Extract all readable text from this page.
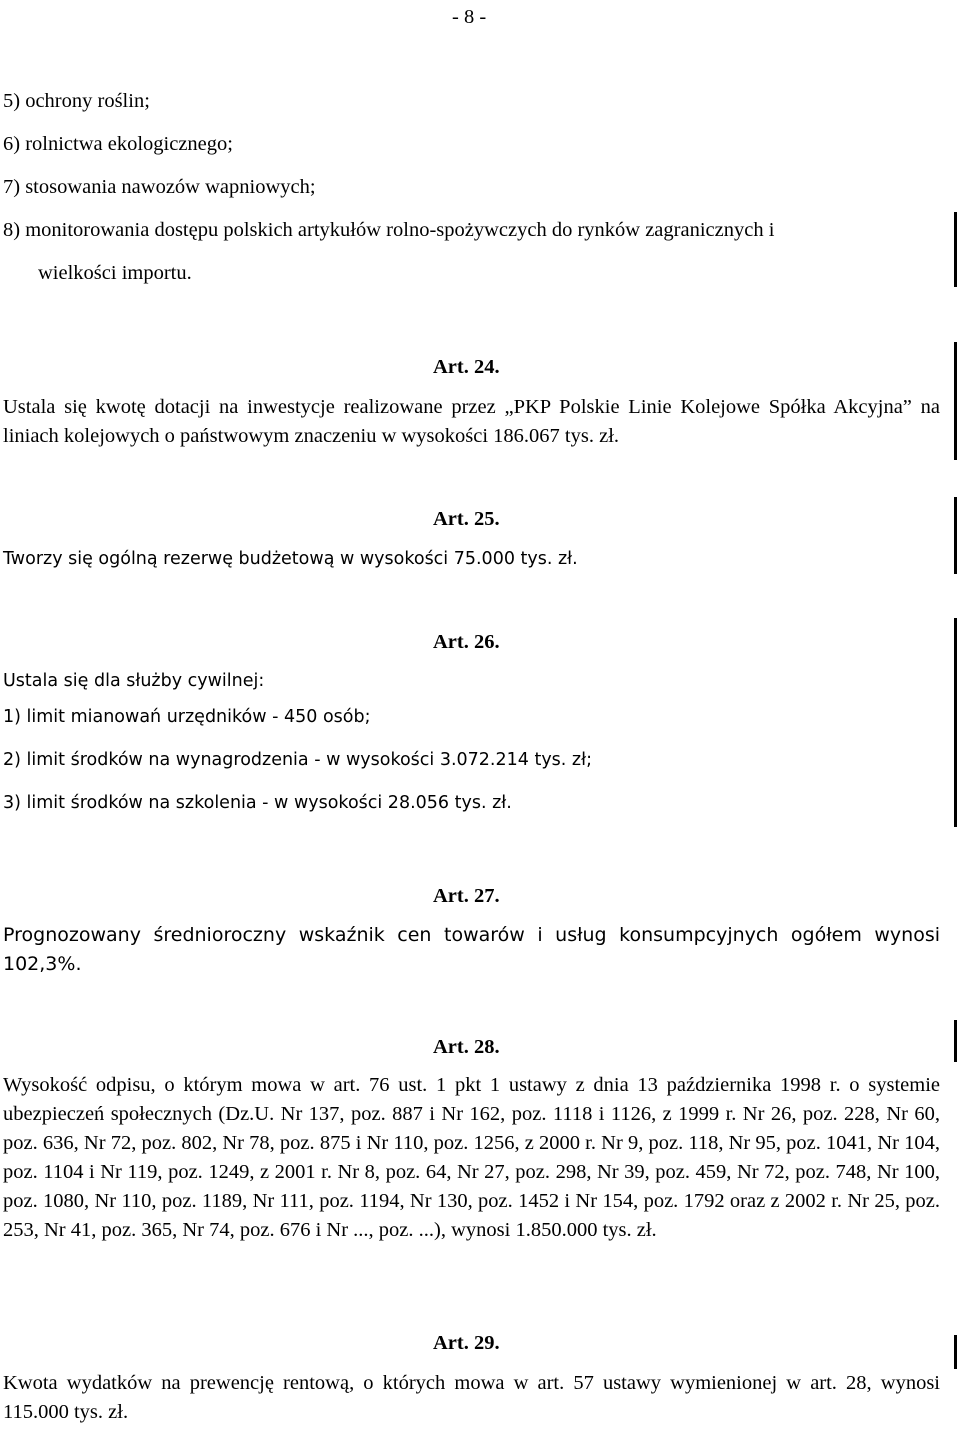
- 8 -
5) ochrony roślin;
6) rolnictwa ekologicznego;
7) stosowania nawozów wapniowych;
8) monitorowania dostępu polskich artykułów rolno-spożywczych do rynków zagranicznych i
wielkości importu.
Art. 24.
Ustala się kwotę dotacji na inwestycje realizowane przez „PKP Polskie Linie Kolejowe Spółka Akcyjna” na liniach kolejowych o państwowym znaczeniu w wysokości 186.067 tys. zł.
Art. 25.
Tworzy się ogólną rezerwę budżetową w wysokości 75.000 tys. zł.
Art. 26.
Ustala się dla służby cywilnej:
1) limit mianowań urzędników - 450 osób;
2) limit środków na wynagrodzenia - w wysokości 3.072.214 tys. zł;
3) limit środków na szkolenia - w wysokości 28.056 tys. zł.
Art. 27.
Prognozowany średnioroczny wskaźnik cen towarów i usług konsumpcyjnych ogółem wynosi 102,3%.
Art. 28.
Wysokość odpisu, o którym mowa w art. 76 ust. 1 pkt 1 ustawy z dnia 13 października 1998 r. o systemie ubezpieczeń społecznych (Dz.U. Nr 137, poz. 887 i Nr 162, poz. 1118 i 1126, z 1999 r. Nr 26, poz. 228, Nr 60, poz. 636, Nr 72, poz. 802, Nr 78, poz. 875 i Nr 110, poz. 1256, z 2000 r. Nr 9, poz. 118, Nr 95, poz. 1041, Nr 104, poz. 1104 i Nr 119, poz. 1249, z 2001 r. Nr 8, poz. 64, Nr 27, poz. 298, Nr 39, poz. 459, Nr 72, poz. 748, Nr 100, poz. 1080, Nr 110, poz. 1189, Nr 111, poz. 1194, Nr 130, poz. 1452 i Nr 154, poz. 1792 oraz z 2002 r. Nr 25, poz. 253, Nr 41, poz. 365, Nr 74, poz. 676 i Nr ..., poz. ...), wynosi 1.850.000 tys. zł.
Art. 29.
Kwota wydatków na prewencję rentową, o których mowa w art. 57 ustawy wymienionej w art. 28, wynosi 115.000 tys. zł.
